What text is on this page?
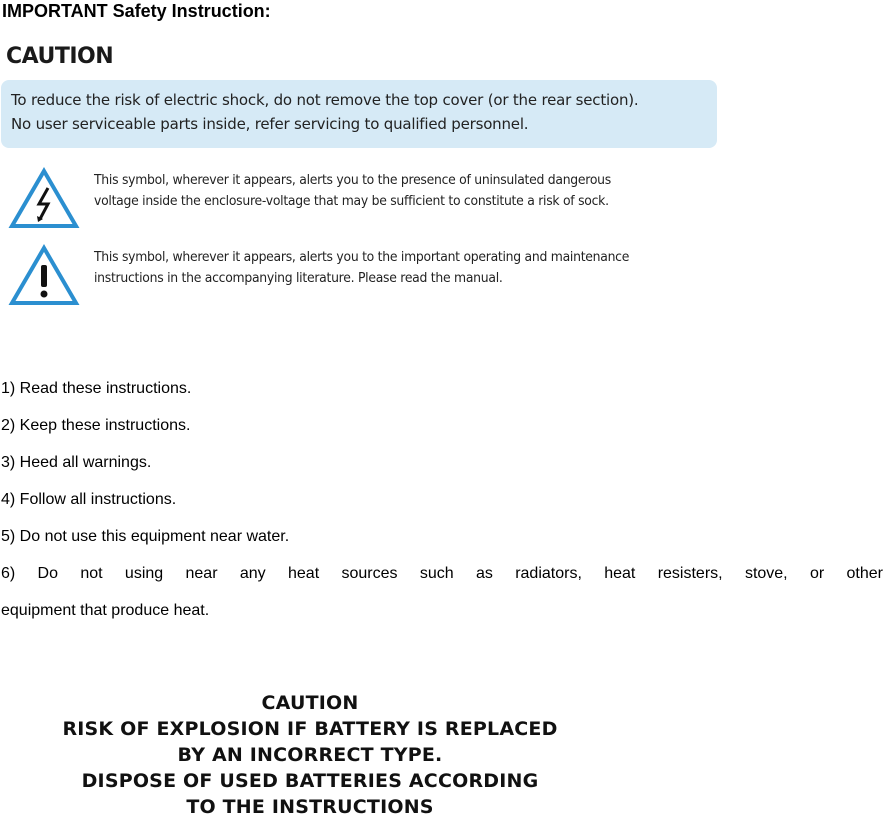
IMPORTANT Safety Instruction:
CAUTION

To reduce the risk of electric shock, do not remove the top cover (or the rear section).

No user serviceable parts inside, refer servicing to qualified personnel.

This symbol, wherever it appears, alerts you to the presence of uninsulated dangerous

voltage inside the enclosure-voltage that may be sufficient to constitute a risk of sock.

This symbol, wherever it appears, alerts you to the important operating and maintenance

instructions in the accompanying literature. Please read the manual.

1) Read these instructions.
2) Keep these instructions.
3) Heed all warnings.
4) Follow all instructions.
5) Do not use this equipment near water.
6) Do not using near any heat sources such as radiators, heat resisters, stove, or other
equipment that produce heat.
CAUTION
RISK OF EXPLOSION IF BATTERY IS REPLACED
BY AN INCORRECT TYPE.
DISPOSE OF USED BATTERIES ACCORDING
TO THE INSTRUCTIONS
